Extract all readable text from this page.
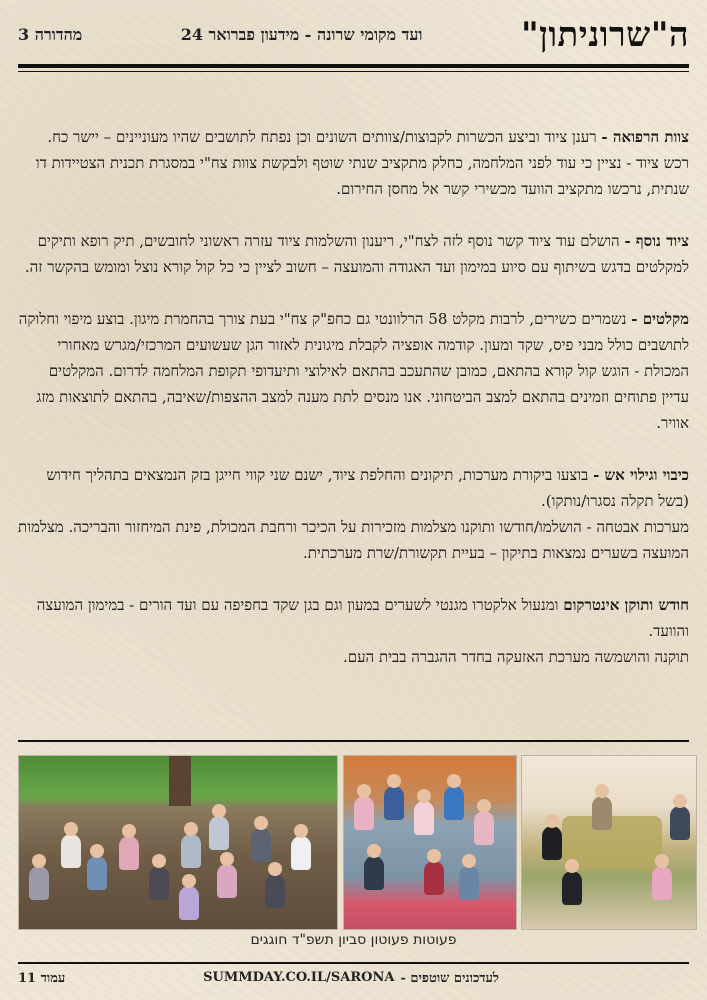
ה"שרוניתון"
ועד מקומי שרונה - מידעון פברואר 24
מהדורה 3

צוות הרפואה - רענן ציוד וביצע הכשרות לקבוצות/צוותים השונים וכן נפתח לתושבים שהיו מעוניינים – יישר כח.

רכש ציוד - נציין כי עוד לפני המלחמה, כחלק מתקציב שנתי שוטף ולבקשת צוות צח"י במסגרת תכנית הצטיידות דו שנתית, נרכשו מתקציב הוועד מכשירי קשר אל מחסן החירום.

ציוד נוסף - הושלם עוד ציוד קשר נוסף לזה לצח"י, ריענון והשלמות ציוד עזרה ראשוני לחובשים, תיק רופא ותיקים למקלטים בדגש בשיתוף עם סיוע במימון ועד האגודה והמועצה – חשוב לציין כי כל קול קורא נוצל ומומש בהקשר זה.

מקלטים - נשמרים כשירים, לרבות מקלט 58 הרלוונטי גם כחפ"ק צח"י בעת צורך בהחמרת מיגון. בוצע מיפוי וחלוקה לתושבים כולל מבני פיס, שקד ומעון. קודמה אופציה לקבלת מיגונית לאזור הגן שעשועים המרכזי/מגרש מאחורי המכולת - הוגש קול קורא בהתאם, כמובן שהתעכב בהתאם לאילוצי ותיעדופי תקופת המלחמה לדרום. המקלטים עדיין פתוחים וזמינים בהתאם למצב הביטחוני. אנו מנסים לתת מענה למצב ההצפות/שאיבה, בהתאם לתוצאות מזג אוויר.

כיבוי וגילוי אש - בוצעו ביקורת מערכות, תיקונים והחלפת ציוד, ישנם שני קווי חייגן בזק הנמצאים בתהליך חידוש (בשל תקלה נסגרו/נותקו).

מערכות אבטחה - הושלמו/חודשו ותוקנו מצלמות מזכירות על הכיכר ורחבת המכולת, פינת המיחזור והבריכה. מצלמות המועצה בשערים נמצאות בתיקון – בעיית תקשורת/שרת מערכתית.

חודש ותוקן אינטרקום ומנעול אלקטרו מגנטי לשערים במעון וגם בגן שקד בחפיפה עם ועד הורים - במימון המועצה והוועד.

תוקנה והושמשה מערכת האזעקה בחדר ההגברה בבית העם.

פעוטות פעוטון סביון תשפ"ד חוגגים
לעדכונים שוטפים -
SUMMDAY.CO.IL/SARONA
עמוד 11
